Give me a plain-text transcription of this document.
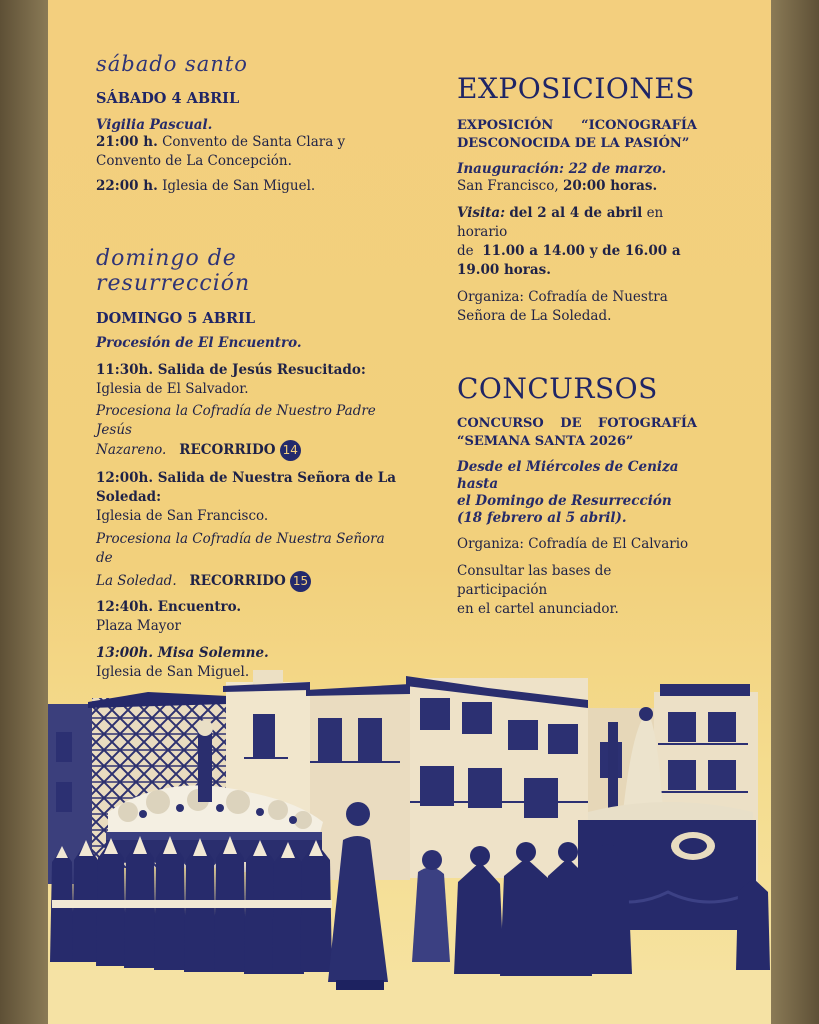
sábado santo
SÁBADO 4 ABRIL
Vigilia Pascual.
21:00 h. Convento de Santa Clara y
Convento de La Concepción.
22:00 h. Iglesia de San Miguel.
domingo de resurrección
DOMINGO 5 ABRIL
Procesión de El Encuentro.
11:30h. Salida de Jesús Resucitado:
Iglesia de El Salvador.
Procesiona la Cofradía de Nuestro Padre Jesús
Nazareno. RECORRIDO 14
12:00h. Salida de Nuestra Señora de La
Soledad:
Iglesia de San Francisco.
Procesiona la Cofradía de Nuestra Señora de
La Soledad. RECORRIDO 15
12:40h. Encuentro.
Plaza Mayor
13:00h. Misa Solemne.
EXPOSICIONES
EXPOSICIÓN “ICONOGRAFÍA
DESCONOCIDA DE LA PASIÓN”
Inauguración: 22 de marzo.
San Francisco, 20:00 horas.
Visita: del 2 al 4 de abril en horario
de 11.00 a 14.00 y de 16.00 a
19.00 horas.
Organiza: Cofradía de Nuestra
Señora de La Soledad.
CONCURSOS
CONCURSO DE FOTOGRAFÍA
“SEMANA SANTA 2026”
Desde el Miércoles de Ceniza hasta
el Domingo de Resurrección
(18 febrero al 5 abril).
Organiza: Cofradía de El Calvario
Consultar las bases de participación
en el cartel anunciador.
